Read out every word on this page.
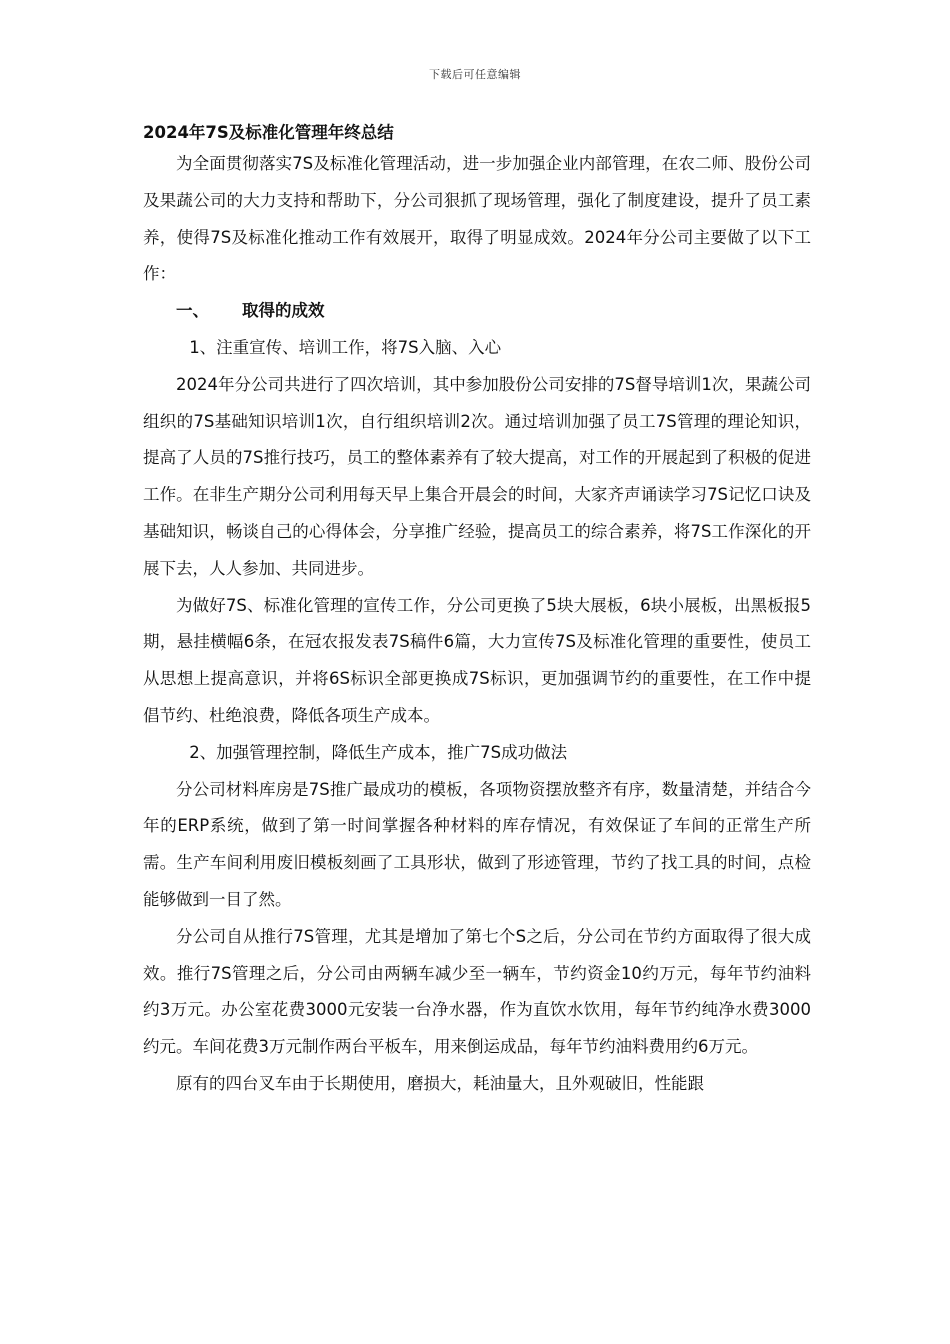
下载后可任意编辑

2024年7S及标准化管理年终总结

为全面贯彻落实7S及标准化管理活动，进一步加强企业内部管理，在农二师、股份公司及果蔬公司的大力支持和帮助下，分公司狠抓了现场管理，强化了制度建设，提升了员工素养，使得7S及标准化推动工作有效展开，取得了明显成效。2024年分公司主要做了以下工作：

一、 取得的成效

1、注重宣传、培训工作，将7S入脑、入心

2024年分公司共进行了四次培训，其中参加股份公司安排的7S督导培训1次，果蔬公司组织的7S基础知识培训1次，自行组织培训2次。通过培训加强了员工7S管理的理论知识，提高了人员的7S推行技巧，员工的整体素养有了较大提高，对工作的开展起到了积极的促进工作。在非生产期分公司利用每天早上集合开晨会的时间，大家齐声诵读学习7S记忆口诀及基础知识，畅谈自己的心得体会，分享推广经验，提高员工的综合素养，将7S工作深化的开展下去，人人参加、共同进步。

为做好7S、标准化管理的宣传工作，分公司更换了5块大展板，6块小展板，出黑板报5期，悬挂横幅6条，在冠农报发表7S稿件6篇，大力宣传7S及标准化管理的重要性，使员工从思想上提高意识，并将6S标识全部更换成7S标识，更加强调节约的重要性，在工作中提倡节约、杜绝浪费，降低各项生产成本。

2、加强管理控制，降低生产成本，推广7S成功做法

分公司材料库房是7S推广最成功的模板，各项物资摆放整齐有序，数量清楚，并结合今年的ERP系统，做到了第一时间掌握各种材料的库存情况，有效保证了车间的正常生产所需。生产车间利用废旧模板刻画了工具形状，做到了形迹管理，节约了找工具的时间，点检能够做到一目了然。

分公司自从推行7S管理，尤其是增加了第七个S之后，分公司在节约方面取得了很大成效。推行7S管理之后，分公司由两辆车减少至一辆车，节约资金10约万元，每年节约油料约3万元。办公室花费3000元安装一台净水器，作为直饮水饮用，每年节约纯净水费3000约元。车间花费3万元制作两台平板车，用来倒运成品，每年节约油料费用约6万元。

原有的四台叉车由于长期使用，磨损大，耗油量大，且外观破旧，性能跟
